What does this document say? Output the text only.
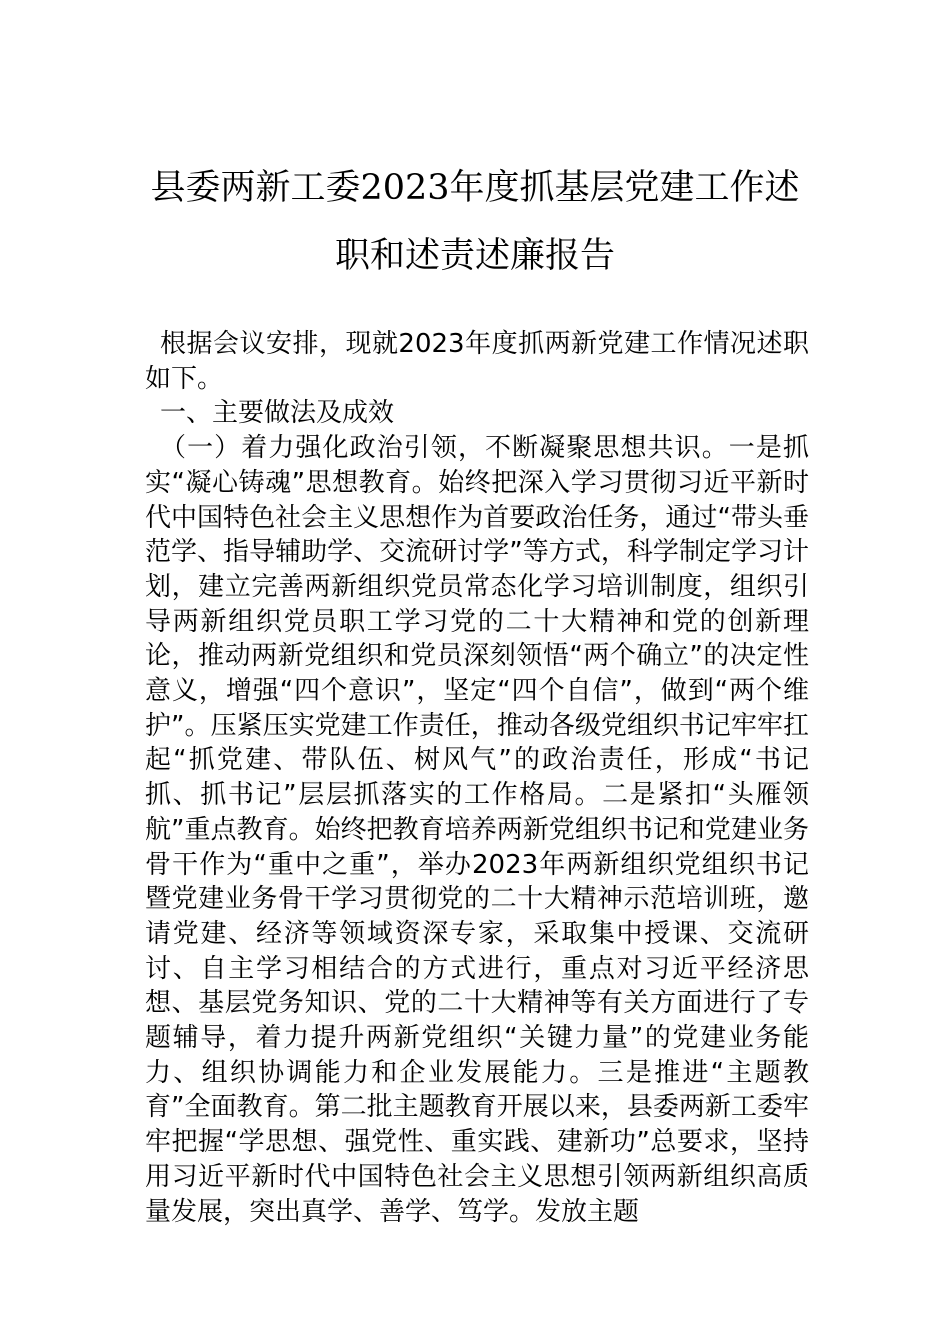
县委两新工委2023年度抓基层党建工作述
职和述责述廉报告

根据会议安排，现就2023年度抓两新党建工作情况述职如下。

一、主要做法及成效

（一）着力强化政治引领，不断凝聚思想共识。一是抓实“凝心铸魂”思想教育。始终把深入学习贯彻习近平新时代中国特色社会主义思想作为首要政治任务，通过“带头垂范学、指导辅助学、交流研讨学”等方式，科学制定学习计划，建立完善两新组织党员常态化学习培训制度，组织引导两新组织党员职工学习党的二十大精神和党的创新理论，推动两新党组织和党员深刻领悟“两个确立”的决定性意义，增强“四个意识”，坚定“四个自信”，做到“两个维护”。压紧压实党建工作责任，推动各级党组织书记牢牢扛起“抓党建、带队伍、树风气”的政治责任，形成“书记抓、抓书记”层层抓落实的工作格局。二是紧扣“头雁领航”重点教育。始终把教育培养两新党组织书记和党建业务骨干作为“重中之重”，举办2023年两新组织党组织书记暨党建业务骨干学习贯彻党的二十大精神示范培训班，邀请党建、经济等领域资深专家，采取集中授课、交流研讨、自主学习相结合的方式进行，重点对习近平经济思想、基层党务知识、党的二十大精神等有关方面进行了专题辅导，着力提升两新党组织“关键力量”的党建业务能力、组织协调能力和企业发展能力。三是推进“主题教育”全面教育。第二批主题教育开展以来，县委两新工委牢牢把握“学思想、强党性、重实践、建新功”总要求，坚持用习近平新时代中国特色社会主义思想引领两新组织高质量发展，突出真学、善学、笃学。发放主题
